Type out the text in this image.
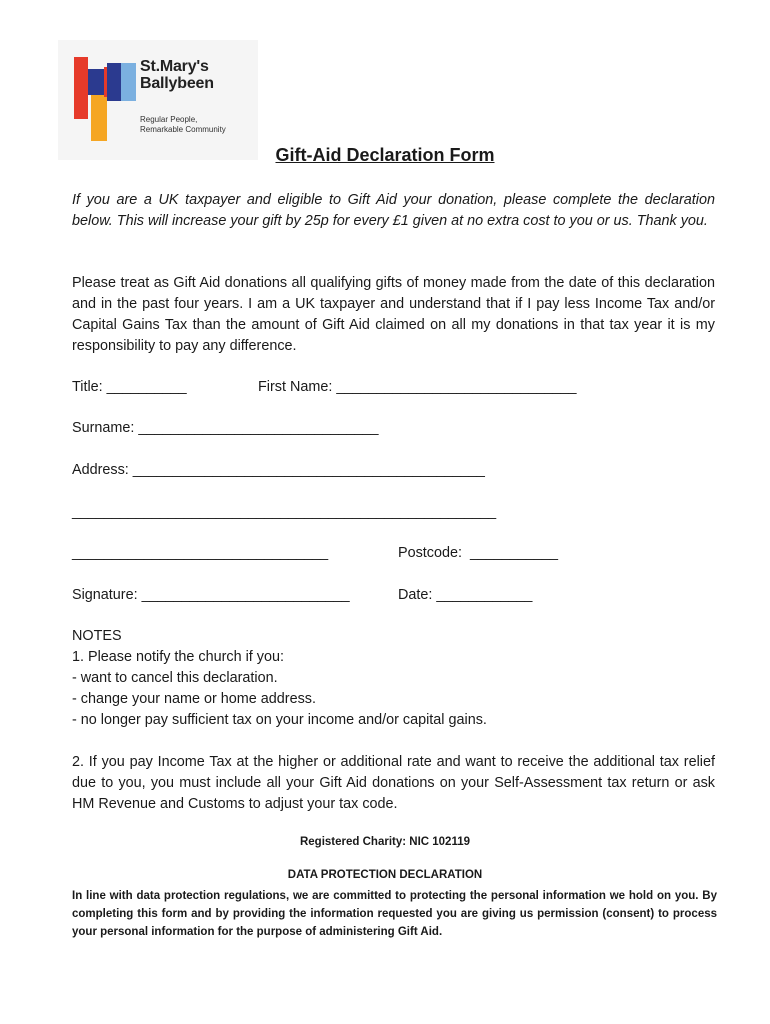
St.Mary's
Ballybeen
Regular People,
Remarkable Community
Gift-Aid Declaration Form
If you are a UK taxpayer and eligible to Gift Aid your donation, please complete the declaration below. This will increase your gift by 25p for every £1 given at no extra cost to you or us. Thank you.
Please treat as Gift Aid donations all qualifying gifts of money made from the date of this declaration and in the past four years. I am a UK taxpayer and understand that if I pay less Income Tax and/or Capital Gains Tax than the amount of Gift Aid claimed on all my donations in that tax year it is my responsibility to pay any difference.
Title: __________	First Name: ______________________________
Surname: ______________________________
Address: ____________________________________________
_____________________________________________________
________________________________	Postcode:  ___________
Signature: __________________________	Date: ____________
NOTES
1. Please notify the church if you:
- want to cancel this declaration.
- change your name or home address.
- no longer pay sufficient tax on your income and/or capital gains.
2. If you pay Income Tax at the higher or additional rate and want to receive the additional tax relief due to you, you must include all your Gift Aid donations on your Self-Assessment tax return or ask HM Revenue and Customs to adjust your tax code.
Registered Charity: NIC 102119
DATA PROTECTION DECLARATION
In line with data protection regulations, we are committed to protecting the personal information we hold on you. By completing this form and by providing the information requested you are giving us permission (consent) to process your personal information for the purpose of administering Gift Aid.
